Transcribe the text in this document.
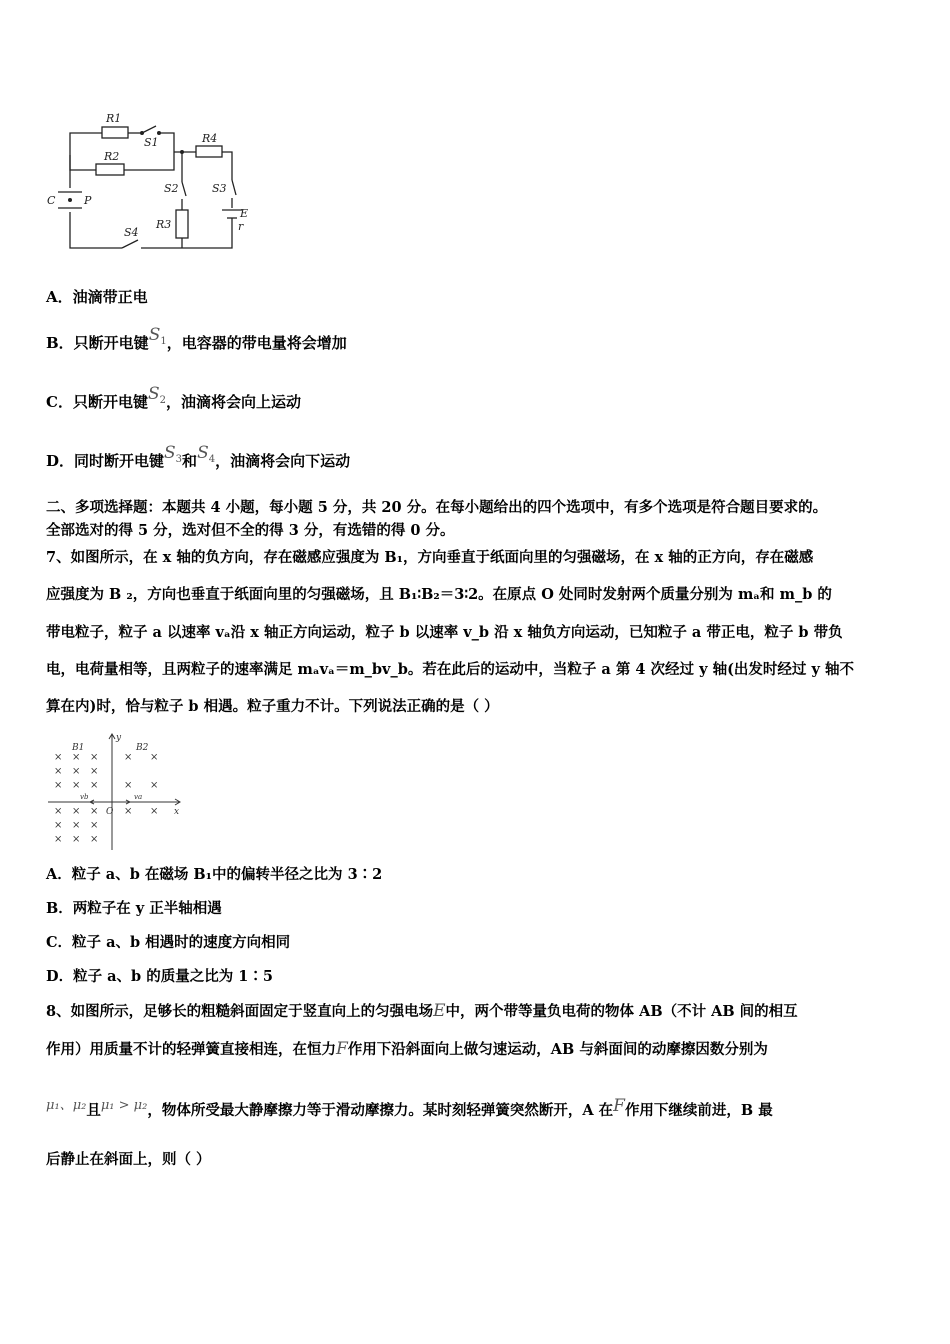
R1
S1
R2
R4
S2	S3
C	P
R3
E
r
S4
A．油滴带正电
B．只断开电键$S_1$，电容器的带电量将会增加
C．只断开电键$S_2$，油滴将会向上运动
D．同时断开电键$S_3$和$S_4$，油滴将会向下运动
二、多项选择题：本题共 4 小题，每小题 5 分，共 20 分。在每小题给出的四个选项中，有多个选项是符合题目要求的。
全部选对的得 5 分，选对但不全的得 3 分，有选错的得 0 分。
7、如图所示，在 x 轴的负方向，存在磁感应强度为 B₁，方向垂直于纸面向里的匀强磁场，在 x 轴的正方向，存在磁感
应强度为 B ₂，方向也垂直于纸面向里的匀强磁场，且 B₁∶B₂＝3∶2。在原点 O 处同时发射两个质量分别为 mₐ和 m_b 的
带电粒子，粒子 a 以速率 vₐ沿 x 轴正方向运动，粒子 b 以速率 v_b 沿 x 轴负方向运动，已知粒子 a 带正电，粒子 b 带负
电，电荷量相等，且两粒子的速率满足 mₐvₐ＝m_bv_b。若在此后的运动中，当粒子 a 第 4 次经过 y 轴(出发时经过 y 轴不
算在内)时，恰与粒子 b 相遇。粒子重力不计。下列说法正确的是（ ）
y
B1	B2
vb	va
O	x
× × ×
× × ×
× × ×
× × ×
× × ×
× × ×
× ×
× ×
× ×
A．粒子 a、b 在磁场 B₁中的偏转半径之比为 3∶2
B．两粒子在 y 正半轴相遇
C．粒子 a、b 相遇时的速度方向相同
D．粒子 a、b 的质量之比为 1∶5
8、如图所示，足够长的粗糙斜面固定于竖直向上的匀强电场E中，两个带等量负电荷的物体 AB（不计 AB 间的相互
作用）用质量不计的轻弹簧直接相连，在恒力F作用下沿斜面向上做匀速运动，AB 与斜面间的动摩擦因数分别为
μ₁、μ₂且μ₁ > μ₂，物体所受最大静摩擦力等于滑动摩擦力。某时刻轻弹簧突然断开，A 在F作用下继续前进，B 最
后静止在斜面上，则（ ）
